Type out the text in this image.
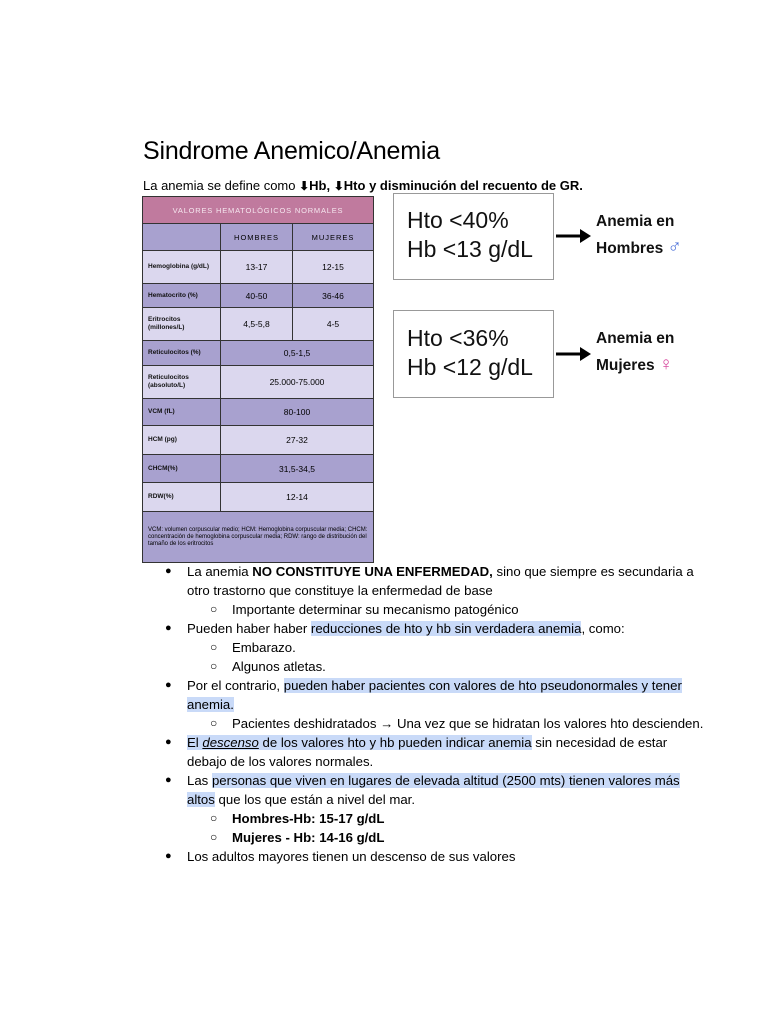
Sindrome Anemico/Anemia
La anemia se define como ⬇Hb, ⬇Hto y disminución del recuento de GR.
VALORES HEMATOLÓGICOS NORMALES		
	HOMBRES	MUJERES
Hemoglobina (g/dL)	13-17	12-15
Hematocrito (%)	40-50	36-46
Eritrocitos (millones/L)	4,5-5,8	4-5
Reticulocitos (%)	0,5-1,5	
Reticulocitos (absoluto/L)	25.000-75.000	
VCM (fL)	80-100	
HCM (pg)	27-32	
CHCM(%)	31,5-34,5	
RDW(%)	12-14	
VCM: volumen corpuscular medio; HCM: Hemoglobina corpuscular media; CHCM: concentración de hemoglobina corpuscular media; RDW: rango de distribución del tamaño de los eritrocitos		
Hto <40%
Hb <13 g/dL
Anemia en
Hombres ♂
Hto <36%
Hb <12 g/dL
Anemia en
Mujeres ♀
● La anemia NO CONSTITUYE UNA ENFERMEDAD, sino que siempre es secundaria a otro trastorno que constituye la enfermedad de base
○ Importante determinar su mecanismo patogénico
● Pueden haber haber reducciones de hto y hb sin verdadera anemia, como:
○ Embarazo.
○ Algunos atletas.
● Por el contrario, pueden haber pacientes con valores de hto pseudonormales y tener anemia.
○ Pacientes deshidratados → Una vez que se hidratan los valores hto descienden.
● El descenso de los valores hto y hb pueden indicar anemia sin necesidad de estar debajo de los valores normales.
● Las personas que viven en lugares de elevada altitud (2500 mts) tienen valores más altos que los que están a nivel del mar.
○ Hombres-Hb: 15-17 g/dL
○ Mujeres - Hb: 14-16 g/dL
● Los adultos mayores tienen un descenso de sus valores
